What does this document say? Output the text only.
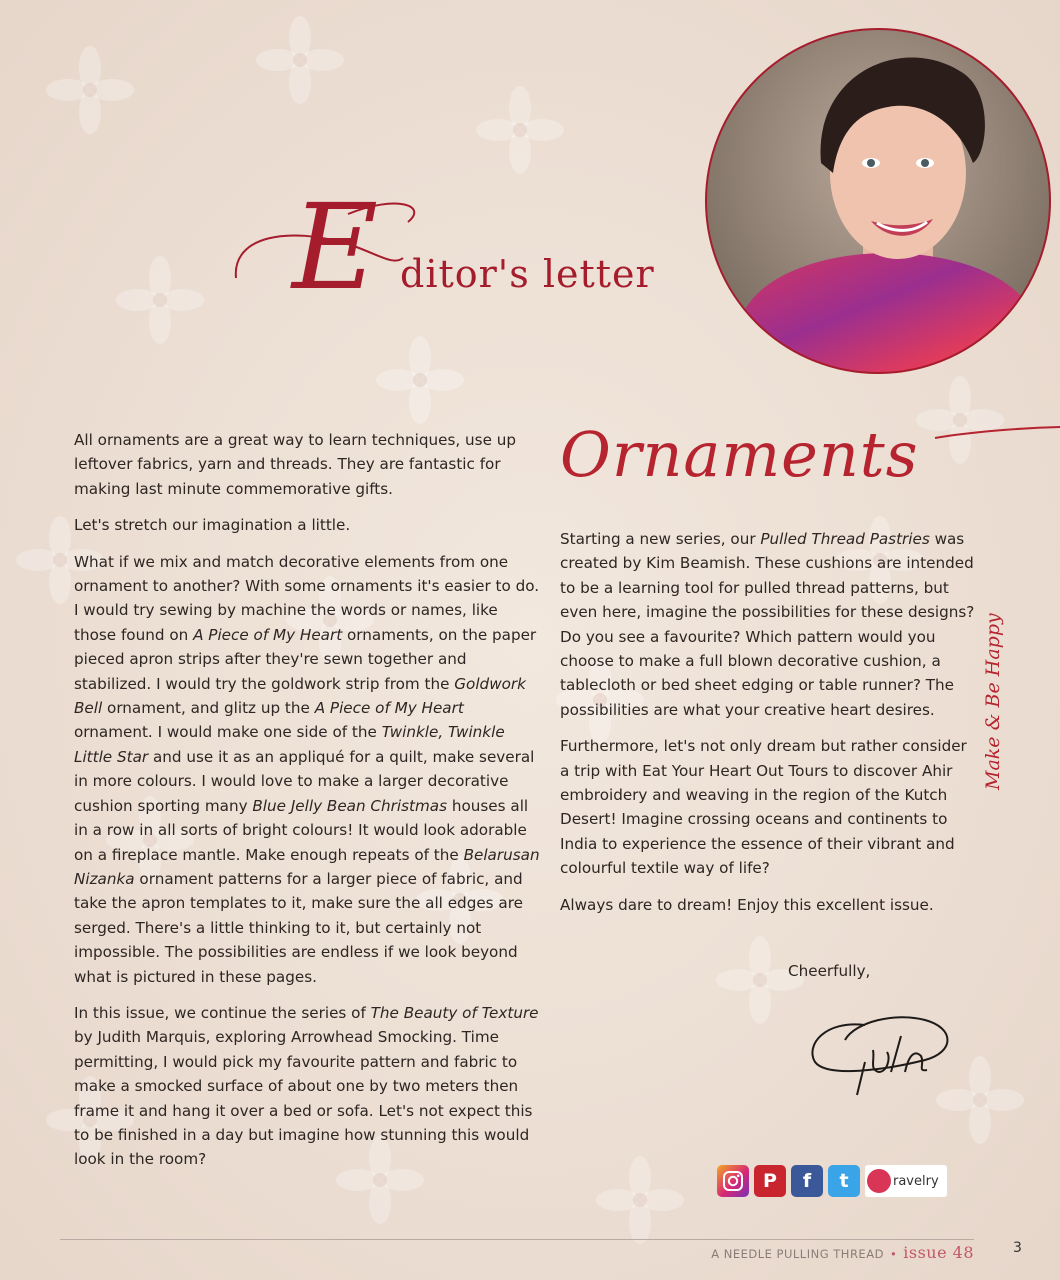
E ditor's letter
Ornaments

All ornaments are a great way to learn techniques, use up leftover fabrics, yarn and threads. They are fantastic for making last minute commemorative gifts.

Let's stretch our imagination a little.

What if we mix and match decorative elements from one ornament to another? With some ornaments it's easier to do. I would try sewing by machine the words or names, like those found on A Piece of My Heart ornaments, on the paper pieced apron strips after they're sewn together and stabilized. I would try the goldwork strip from the Goldwork Bell ornament, and glitz up the A Piece of My Heart ornament. I would make one side of the Twinkle, Twinkle Little Star and use it as an appliqué for a quilt, make several in more colours. I would love to make a larger decorative cushion sporting many Blue Jelly Bean Christmas houses all in a row in all sorts of bright colours! It would look adorable on a fireplace mantle. Make enough repeats of the Belarusan Nizanka ornament patterns for a larger piece of fabric, and take the apron templates to it, make sure the all edges are serged. There's a little thinking to it, but certainly not impossible. The possibilities are endless if we look beyond what is pictured in these pages.

In this issue, we continue the series of The Beauty of Texture by Judith Marquis, exploring Arrowhead Smocking. Time permitting, I would pick my favourite pattern and fabric to make a smocked surface of about one by two meters then frame it and hang it over a bed or sofa. Let's not expect this to be finished in a day but imagine how stunning this would look in the room?

Starting a new series, our Pulled Thread Pastries was created by Kim Beamish. These cushions are intended to be a learning tool for pulled thread patterns, but even here, imagine the possibilities for these designs? Do you see a favourite? Which pattern would you choose to make a full blown decorative cushion, a tablecloth or bed sheet edging or table runner? The possibilities are what your creative heart desires.

Furthermore, let's not only dream but rather consider a trip with Eat Your Heart Out Tours to discover Ahir embroidery and weaving in the region of the Kutch Desert! Imagine crossing oceans and continents to India to experience the essence of their vibrant and colourful textile way of life?

Always dare to dream! Enjoy this excellent issue.

Cheerfully,
Make & Be Happy
P	f	t	ravelry
A NEEDLE PULLING THREAD • issue 48	3
